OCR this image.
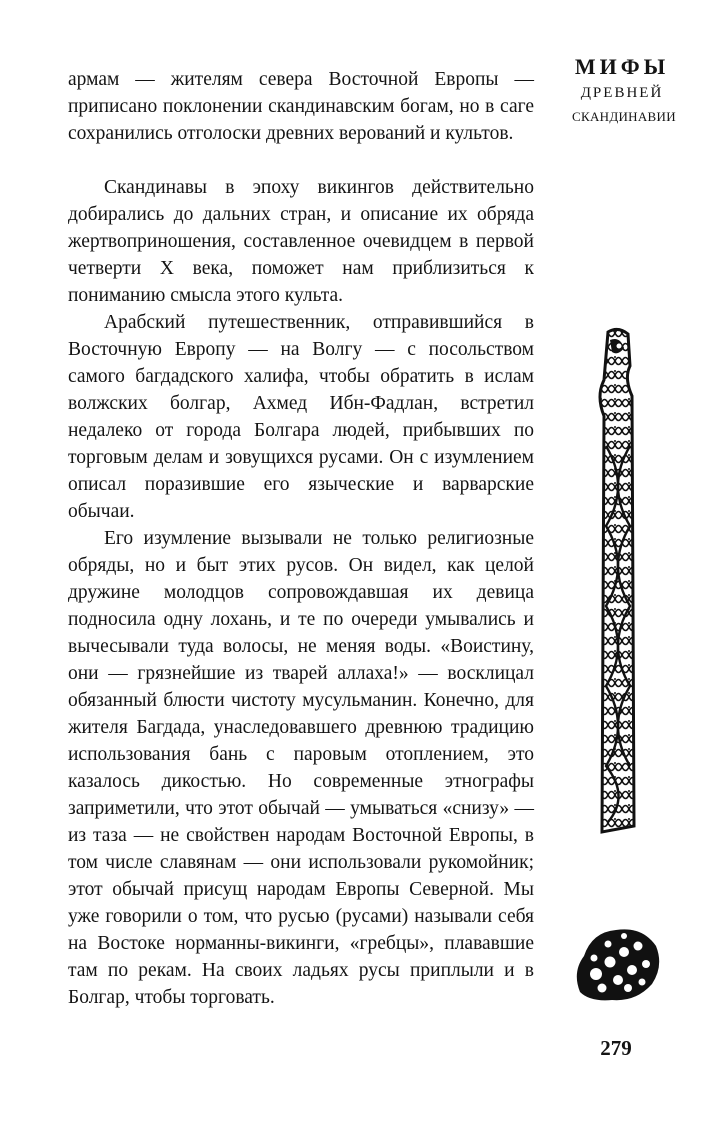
МИФЫ
ДРЕВНЕЙ
СКАНДИНАВИИ

армам — жителям севера Восточной Европы — приписано поклонении скандинавским богам, но в саге сохранились отголоски древних верований и культов.

Скандинавы в эпоху викингов действительно добирались до дальних стран, и описание их обряда жертвоприношения, составленное очевидцем в первой четверти X века, поможет нам приблизиться к пониманию смысла этого культа.

Арабский путешественник, отправившийся в Восточную Европу — на Волгу — с посольством самого багдадского халифа, чтобы обратить в ислам волжских болгар, Ахмед Ибн-Фадлан, встретил недалеко от города Болгара людей, прибывших по торговым делам и зовущихся русами. Он с изумлением описал поразившие его языческие и варварские обычаи.

Его изумление вызывали не только религиозные обряды, но и быт этих русов. Он видел, как целой дружине молодцов сопровождавшая их девица подносила одну лохань, и те по очереди умывались и вычесывали туда волосы, не меняя воды. «Воистину, они — грязнейшие из тварей аллаха!» — восклицал обязанный блюсти чистоту мусульманин. Конечно, для жителя Багдада, унаследовавшего древнюю традицию использования бань с паровым отоплением, это казалось дикостью. Но современные этнографы заприметили, что этот обычай — умываться «снизу» — из таза — не свойствен народам Восточной Европы, в том числе славянам — они использовали рукомойник; этот обычай присущ народам Европы Северной. Мы уже говорили о том, что русью (русами) называли себя на Востоке норманны-викинги, «гребцы», плававшие там по рекам. На своих ладьях русы приплыли и в Болгар, чтобы торговать.

279
